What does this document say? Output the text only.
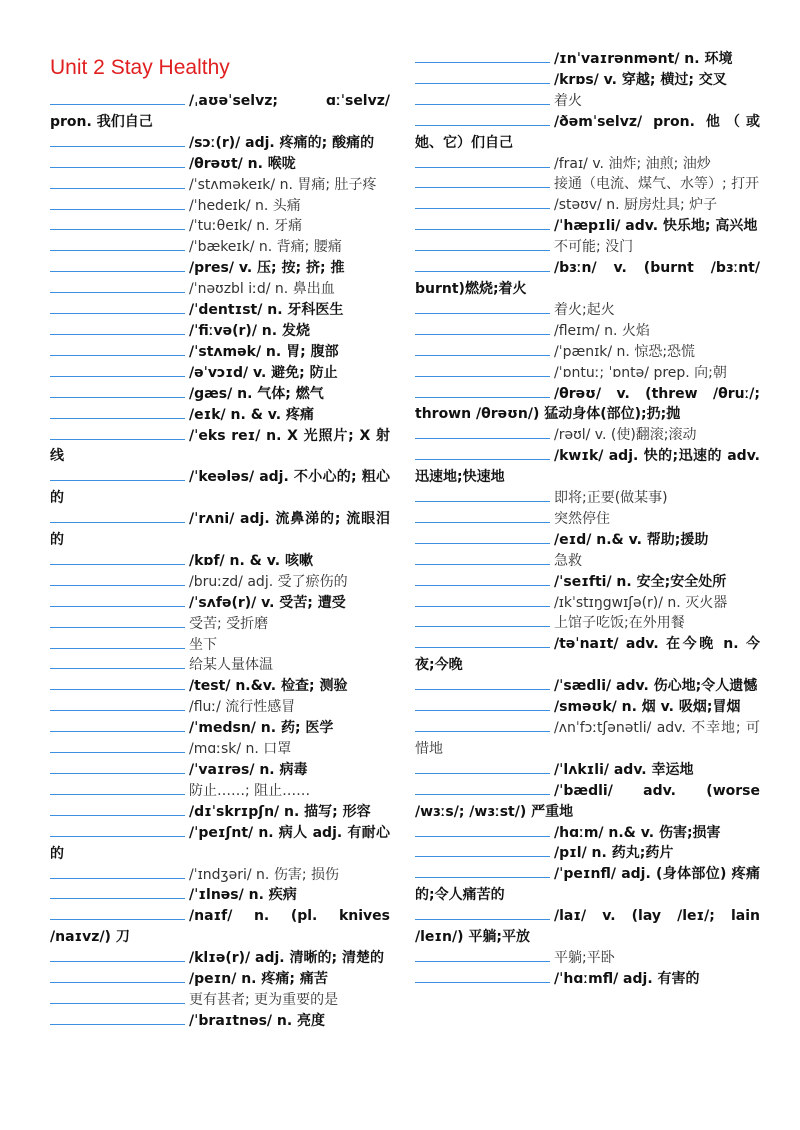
Unit 2 Stay Healthy

/ˌaʊəˈselvz; ɑːˈselvz/ pron. 我们自己

/sɔː(r)/ adj. 疼痛的; 酸痛的

/θrəʊt/ n. 喉咙

/ˈstʌməkeɪk/ n. 胃痛; 肚子疼

/ˈhedeɪk/ n. 头痛

/ˈtuːθeɪk/ n. 牙痛

/ˈbækeɪk/ n. 背痛; 腰痛

/pres/ v. 压; 按; 挤; 推

/ˈnəʊzbl iːd/ n. 鼻出血

/ˈdentɪst/ n. 牙科医生

/ˈfiːvə(r)/ n. 发烧

/ˈstʌmək/ n. 胃; 腹部

/əˈvɔɪd/ v. 避免; 防止

/gæs/ n. 气体; 燃气

/eɪk/ n. & v. 疼痛

/ˈeks reɪ/ n. X 光照片; X 射线

/ˈkeələs/ adj. 不小心的; 粗心的

/ˈrʌni/ adj. 流鼻涕的; 流眼泪的

/kɒf/ n. & v. 咳嗽

/bruːzd/ adj. 受了瘀伤的

/ˈsʌfə(r)/ v. 受苦; 遭受

受苦; 受折磨

坐下

给某人量体温

/test/ n.&v. 检查; 测验

/fluː/ 流行性感冒

/ˈmedsn/ n. 药; 医学

/mɑːsk/ n. 口罩

/ˈvaɪrəs/ n. 病毒

防止……; 阻止……

/dɪˈskrɪpʃn/ n. 描写; 形容

/ˈpeɪʃnt/ n. 病人 adj. 有耐心的

/ˈɪndʒəri/ n. 伤害; 损伤

/ˈɪlnəs/ n. 疾病

/naɪf/ n. (pl. knives /naɪvz/) 刀

/klɪə(r)/ adj. 清晰的; 清楚的

/peɪn/ n. 疼痛; 痛苦

更有甚者; 更为重要的是

/ˈbraɪtnəs/ n. 亮度

/ɪnˈvaɪrənmənt/ n. 环境

/krɒs/ v. 穿越; 横过; 交叉

着火

/ðəmˈselvz/ pron. 他（或她、它）们自己

/fraɪ/ v. 油炸; 油煎; 油炒

接通（电流、煤气、水等）; 打开

/stəʊv/ n. 厨房灶具; 炉子

/ˈhæpɪli/ adv. 快乐地; 高兴地

不可能; 没门

/bɜːn/ v. (burnt /bɜːnt/ burnt)燃烧;着火

着火;起火

/fleɪm/ n. 火焰

/ˈpænɪk/ n. 惊恐;恐慌

/ˈɒntuː; ˈɒntə/ prep. 向;朝

/θrəʊ/ v. (threw /θruː/; thrown /θrəʊn/) 猛动身体(部位);扔;抛

/rəʊl/ v. (使)翻滚;滚动

/kwɪk/ adj. 快的;迅速的 adv. 迅速地;快速地

即将;正要(做某事)

突然停住

/eɪd/ n.& v. 帮助;援助

急救

/ˈseɪfti/ n. 安全;安全处所

/ɪkˈstɪŋgwɪʃə(r)/ n. 灭火器

上馆子吃饭;在外用餐

/təˈnaɪt/ adv. 在今晚 n. 今夜;今晚

/ˈsædli/ adv. 伤心地;令人遗憾

/sməʊk/ n. 烟 v. 吸烟;冒烟

/ʌnˈfɔːtʃənətli/ adv. 不幸地; 可惜地

/ˈlʌkɪli/ adv. 幸运地

/ˈbædli/ adv. (worse /wɜːs/; /wɜːst/) 严重地

/hɑːm/ n.& v. 伤害;损害

/pɪl/ n. 药丸;药片

/ˈpeɪnfl/ adj. (身体部位) 疼痛的;令人痛苦的

/laɪ/ v. (lay /leɪ/; lain /leɪn/) 平躺;平放

平躺;平卧

/ˈhɑːmfl/ adj. 有害的
